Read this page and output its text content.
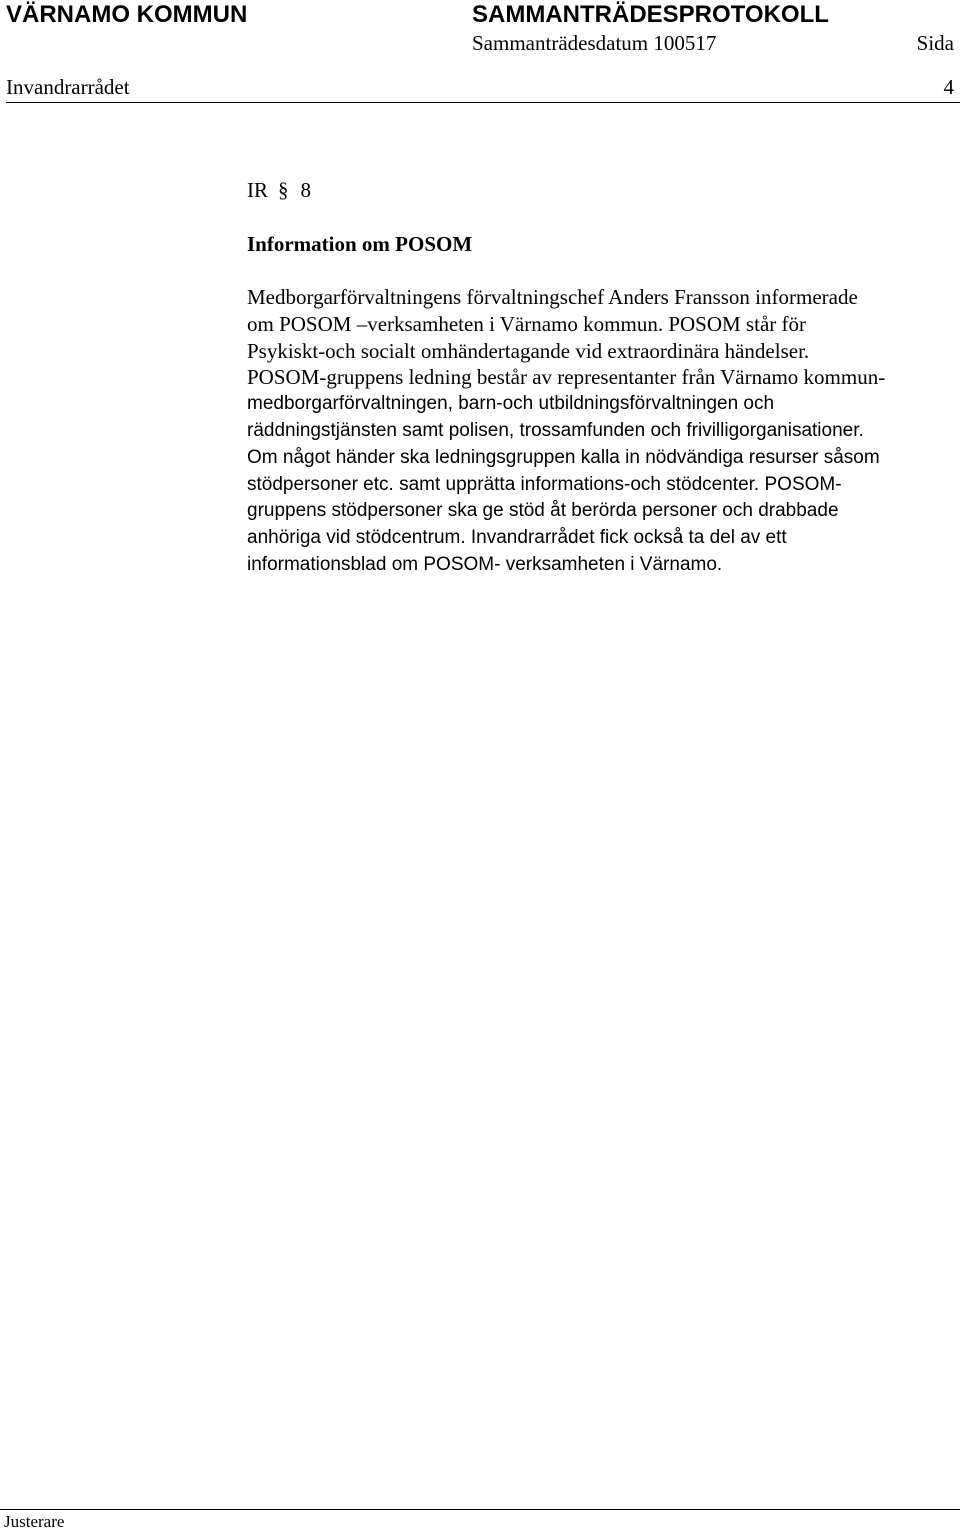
VÄRNAMO KOMMUN	SAMMANTRÄDESPROTOKOLL
Sammanträdesdatum 100517	Sida
Invandrarrådet	4
IR § 8
Information om POSOM
Medborgarförvaltningens förvaltningschef Anders Fransson informerade
om POSOM –verksamheten i Värnamo kommun. POSOM står för
Psykiskt-och socialt omhändertagande vid extraordinära händelser.
POSOM-gruppens ledning består av representanter från Värnamo kommun-
medborgarförvaltningen, barn-och utbildningsförvaltningen och
räddningstjänsten samt polisen, trossamfunden och frivilligorganisationer.
Om något händer ska ledningsgruppen kalla in nödvändiga resurser såsom
stödpersoner etc. samt upprätta informations-och stödcenter. POSOM-
gruppens stödpersoner ska ge stöd åt berörda personer och drabbade
anhöriga vid stödcentrum. Invandrarrådet fick också ta del av ett
informationsblad om POSOM- verksamheten i Värnamo.
Justerare
